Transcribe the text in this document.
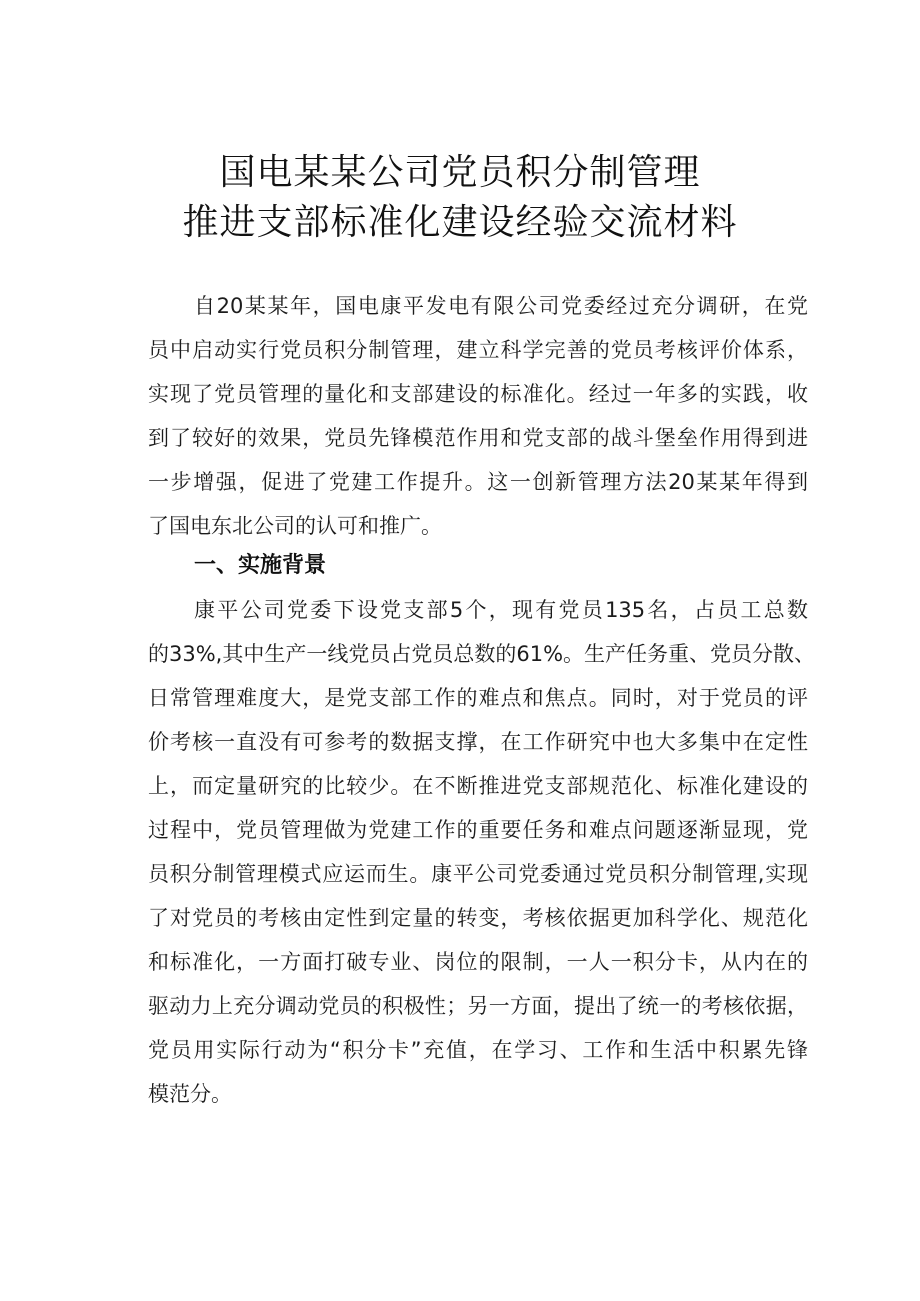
国电某某公司党员积分制管理
推进支部标准化建设经验交流材料
自20某某年，国电康平发电有限公司党委经过充分调研，在党
员中启动实行党员积分制管理，建立科学完善的党员考核评价体系，
实现了党员管理的量化和支部建设的标准化。经过一年多的实践，收
到了较好的效果，党员先锋模范作用和党支部的战斗堡垒作用得到进
一步增强，促进了党建工作提升。这一创新管理方法20某某年得到
了国电东北公司的认可和推广。
一、实施背景
康平公司党委下设党支部5个，现有党员135名，占员工总数
的33%,其中生产一线党员占党员总数的61%。生产任务重、党员分散、
日常管理难度大，是党支部工作的难点和焦点。同时，对于党员的评
价考核一直没有可参考的数据支撑，在工作研究中也大多集中在定性
上，而定量研究的比较少。在不断推进党支部规范化、标准化建设的
过程中，党员管理做为党建工作的重要任务和难点问题逐渐显现，党
员积分制管理模式应运而生。康平公司党委通过党员积分制管理,实现
了对党员的考核由定性到定量的转变，考核依据更加科学化、规范化
和标准化，一方面打破专业、岗位的限制，一人一积分卡，从内在的
驱动力上充分调动党员的积极性；另一方面，提出了统一的考核依据，
党员用实际行动为“积分卡”充值，在学习、工作和生活中积累先锋
模范分。
